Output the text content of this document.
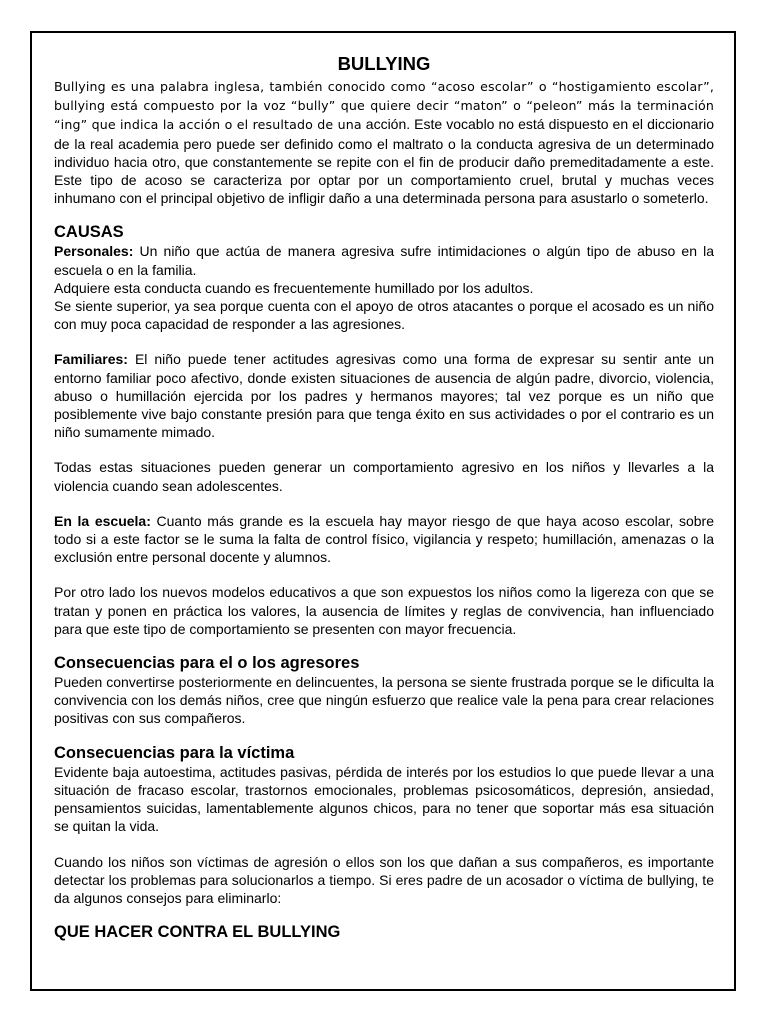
BULLYING

Bullying es una palabra inglesa, también conocido como “acoso escolar” o “hostigamiento escolar”, bullying está compuesto por la voz “bully” que quiere decir “maton” o “peleon” más la terminación “ing” que indica la acción o el resultado de una acción. Este vocablo no está dispuesto en el diccionario de la real academia pero puede ser definido como el maltrato o la conducta agresiva de un determinado individuo hacia otro, que constantemente se repite con el fin de producir daño premeditadamente a este. Este tipo de acoso se caracteriza por optar por un comportamiento cruel, brutal y muchas veces inhumano con el principal objetivo de infligir daño a una determinada persona para asustarlo o someterlo.

CAUSAS

Personales: Un niño que actúa de manera agresiva sufre intimidaciones o algún tipo de abuso en la escuela o en la familia.

Adquiere esta conducta cuando es frecuentemente humillado por los adultos.

Se siente superior, ya sea porque cuenta con el apoyo de otros atacantes o porque el acosado es un niño con muy poca capacidad de responder a las agresiones.

Familiares: El niño puede tener actitudes agresivas como una forma de expresar su sentir ante un entorno familiar poco afectivo, donde existen situaciones de ausencia de algún padre, divorcio, violencia, abuso o humillación ejercida por los padres y hermanos mayores; tal vez porque es un niño que posiblemente vive bajo constante presión para que tenga éxito en sus actividades o por el contrario es un niño sumamente mimado.

Todas estas situaciones pueden generar un comportamiento agresivo en los niños y llevarles a la violencia cuando sean adolescentes.

En la escuela: Cuanto más grande es la escuela hay mayor riesgo de que haya acoso escolar, sobre todo si a este factor se le suma la falta de control físico, vigilancia y respeto; humillación, amenazas o la exclusión entre personal docente y alumnos.

Por otro lado los nuevos modelos educativos a que son expuestos los niños como la ligereza con que se tratan y ponen en práctica los valores, la ausencia de límites y reglas de convivencia, han influenciado para que este tipo de comportamiento se presenten con mayor frecuencia.

Consecuencias para el o los agresores

Pueden convertirse posteriormente en delincuentes, la persona se siente frustrada porque se le dificulta la convivencia con los demás niños, cree que ningún esfuerzo que realice vale la pena para crear relaciones positivas con sus compañeros.

Consecuencias para la víctima

Evidente baja autoestima, actitudes pasivas, pérdida de interés por los estudios lo que puede llevar a una situación de fracaso escolar, trastornos emocionales, problemas psicosomáticos, depresión, ansiedad, pensamientos suicidas, lamentablemente algunos chicos, para no tener que soportar más esa situación se quitan la vida.

Cuando los niños son víctimas de agresión o ellos son los que dañan a sus compañeros, es importante detectar los problemas para solucionarlos a tiempo. Si eres padre de un acosador o víctima de bullying, te da algunos consejos para eliminarlo:

QUE HACER CONTRA EL BULLYING
